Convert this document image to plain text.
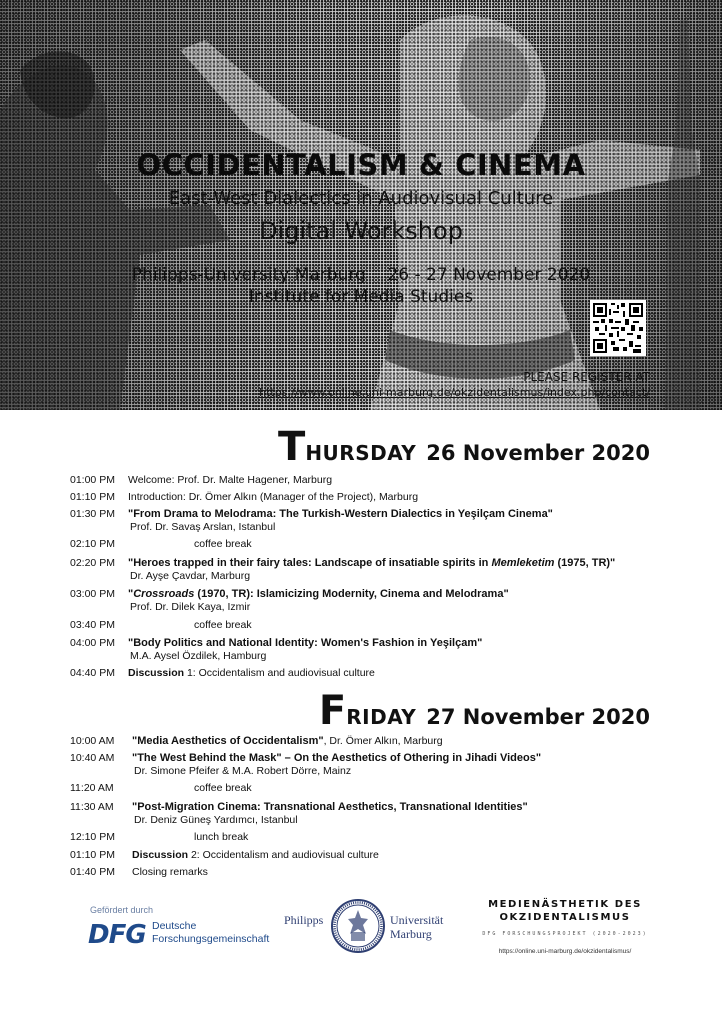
OCCIDENTALISM & CINEMA
East-West Dialectics in Audiovisual Culture
Digital Workshop
Philipps-University Marburg    26 - 27 November 2020
Institute for Media Studies
PLEASE REGISTER AT
https://www.online.uni-marburg.de/okzidentalismus/index.php/contact/
THURSDAY 26 November 2020
01:00 PM	Welcome: Prof. Dr. Malte Hagener, Marburg
01:10 PM	Introduction: Dr. Ömer Alkın (Manager of the Project), Marburg
01:30 PM	"From Drama to Melodrama: The Turkish-Western Dialectics in Yeşilçam Cinema"
Prof. Dr. Savaş Arslan, Istanbul
02:10 PM	coffee break
02:20 PM	"Heroes trapped in their fairy tales: Landscape of insatiable spirits in Memleketim (1975, TR)"
Dr. Ayşe Çavdar, Marburg
03:00 PM	"Crossroads (1970, TR): Islamicizing Modernity, Cinema and Melodrama"
Prof. Dr. Dilek Kaya, Izmir
03:40 PM	coffee break
04:00 PM	"Body Politics and National Identity: Women's Fashion in Yeşilçam"
M.A. Aysel Özdilek, Hamburg
04:40 PM	Discussion 1: Occidentalism and audiovisual culture
FRIDAY 27 November 2020
10:00 AM	"Media Aesthetics of Occidentalism", Dr. Ömer Alkın, Marburg
10:40 AM	"The West Behind the Mask" – On the Aesthetics of Othering in Jihadi Videos"
Dr. Simone Pfeifer & M.A. Robert Dörre, Mainz
11:20 AM	coffee break
11:30 AM	"Post-Migration Cinema: Transnational Aesthetics, Transnational Identities"
Dr. Deniz Güneş Yardımcı, Istanbul
12:10 PM	lunch break
01:10 PM	Discussion 2: Occidentalism and audiovisual culture
01:40 PM	Closing remarks
Gefördert durch
DFG Deutsche
Forschungsgemeinschaft
Philipps	Universität
Marburg
MEDIENÄSTHETIK DES
OKZIDENTALISMUS
DFG FORSCHUNGSPROJEKT (2020-2023)
https://online.uni-marburg.de/okzidentalismus/
